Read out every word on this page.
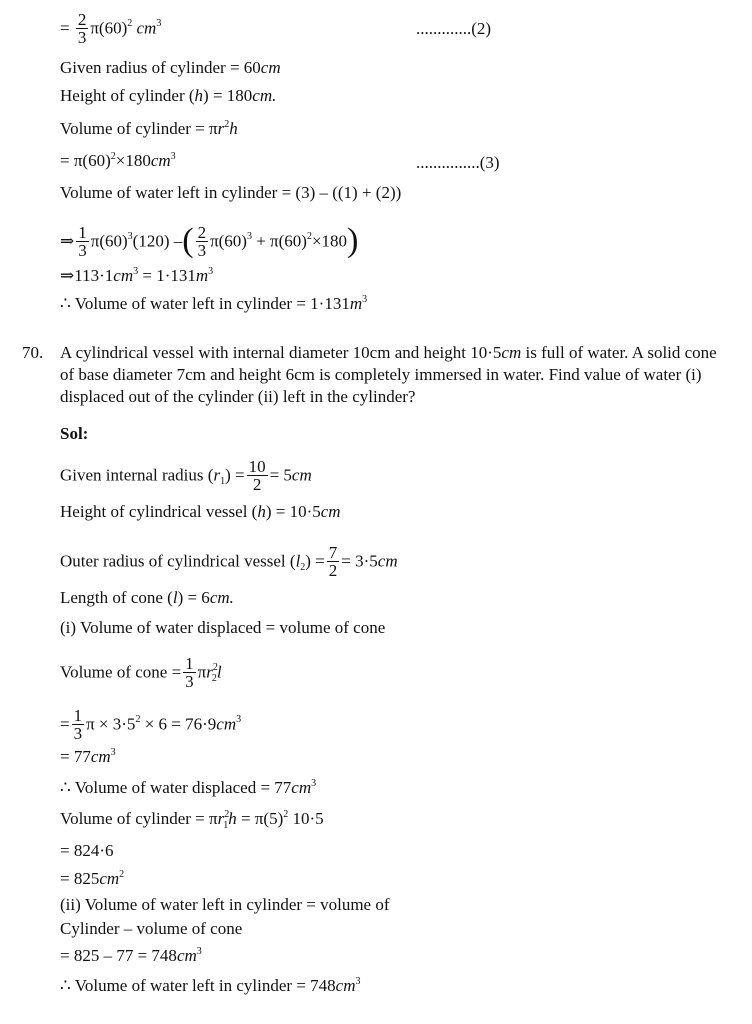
= $\frac{2}{3} \pi(60)^2$ $cm^3$	.............(2)
Given radius of cylinder = 60cm
Height of cylinder (h) = 180cm.
Volume of cylinder = $\pi r^2h$
= $\pi(60)^2\times 180cm^3$	...............(3)
Volume of water left in cylinder = (3) – ((1) + (2))
⇒ $\frac{1}{3} \pi(60)^3(120)$ –( $\frac{2}{3} \pi(60)^3 + \pi(60)^2\times 180$)
$\Rightarrow 113\cdot 1cm^3 = 1\cdot 131m^3$
∴ Volume of water left in cylinder = $1\cdot 131m^3$
70. A cylindrical vessel with internal diameter 10cm and height 10·5cm is full of water. A solid cone of base diameter 7cm and height 6cm is completely immersed in water. Find value of water (i) displaced out of the cylinder (ii) left in the cylinder?
Sol:
Given internal radius $(r_1) = \frac{10}{2} = 5cm$
Height of cylindrical vessel (h) = 10·5cm
Outer radius of cylindrical vessel $(l_2) = \frac{7}{2} = 3\cdot 5cm$
Length of cone (l) = 6cm.
(i) Volume of water displaced = volume of cone
Volume of cone = $\frac{1}{3} \pi r^2_2l$
= $\frac{1}{3}$ $\pi \times 3\cdot 5^2 \times 6 = 76\cdot 9cm^3$
= $77cm^3$
∴ Volume of water displaced = $77cm^3$
Volume of cylinder = $\pi r^2_1h = \pi(5)^2$ 10·5
= 824·6
= $825cm^2$
(ii) Volume of water left in cylinder = volume of
Cylinder – volume of cone
= $825 - 77 = 748cm^3$
∴ Volume of water left in cylinder = $748cm^3$
